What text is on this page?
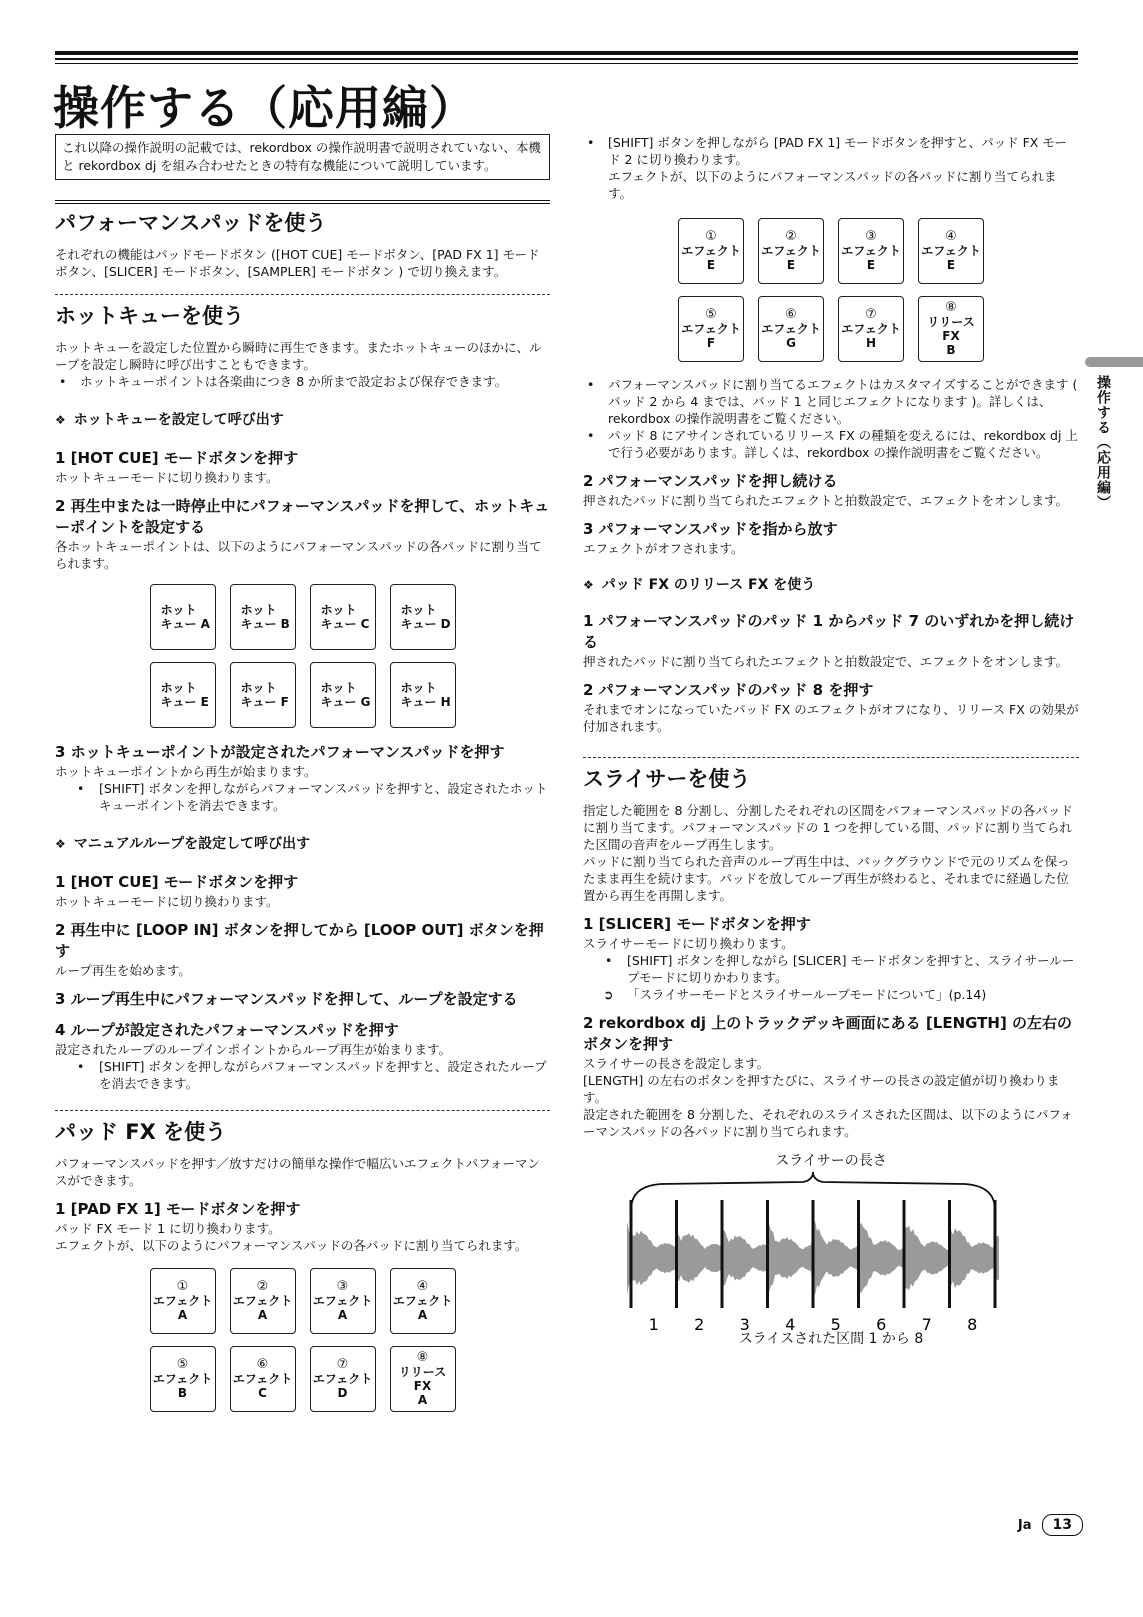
操作する（応用編）
これ以降の操作説明の記載では、rekordbox の操作説明書で説明されていない、本機と rekordbox dj を組み合わせたときの特有な機能について説明しています。
パフォーマンスパッドを使う

それぞれの機能はパッドモードボタン ([HOT CUE] モードボタン、[PAD FX 1] モードボタン、[SLICER] モードボタン、[SAMPLER] モードボタン ) で切り換えます。

ホットキューを使う

ホットキューを設定した位置から瞬時に再生できます。またホットキューのほかに、ループを設定し瞬時に呼び出すこともできます。

• ホットキューポイントは各楽曲につき 8 か所まで設定および保存できます。
❖ ホットキューを設定して呼び出す
1 [HOT CUE] モードボタンを押す

ホットキューモードに切り換わります。

2 再生中または一時停止中にパフォーマンスパッドを押して、ホットキューポイントを設定する

各ホットキューポイントは、以下のようにパフォーマンスパッドの各パッドに割り当てられます。

ホット
キュー A
ホット
キュー B
ホット
キュー C
ホット
キュー D
ホット
キュー E
ホット
キュー F
ホット
キュー G
ホット
キュー H
3 ホットキューポイントが設定されたパフォーマンスパッドを押す

ホットキューポイントから再生が始まります。

• [SHIFT] ボタンを押しながらパフォーマンスパッドを押すと、設定されたホットキューポイントを消去できます。
❖ マニュアルループを設定して呼び出す
1 [HOT CUE] モードボタンを押す

ホットキューモードに切り換わります。

2 再生中に [LOOP IN] ボタンを押してから [LOOP OUT] ボタンを押す

ループ再生を始めます。

3 ループ再生中にパフォーマンスパッドを押して、ループを設定する
4 ループが設定されたパフォーマンスパッドを押す

設定されたループのループインポイントからループ再生が始まります。

• [SHIFT] ボタンを押しながらパフォーマンスパッドを押すと、設定されたループを消去できます。
パッド FX を使う

パフォーマンスパッドを押す／放すだけの簡単な操作で幅広いエフェクトパフォーマンスができます。

1 [PAD FX 1] モードボタンを押す

パッド FX モード 1 に切り換わります。

エフェクトが、以下のようにパフォーマンスパッドの各パッドに割り当てられます。

①
エフェクト A
②
エフェクト A
③
エフェクト A
④
エフェクト A
⑤
エフェクト B
⑥
エフェクト C
⑦
エフェクト D
⑧
リリース FX
A
• [SHIFT] ボタンを押しながら [PAD FX 1] モードボタンを押すと、パッド FX モード 2 に切り換わります。

エフェクトが、以下のようにパフォーマンスパッドの各パッドに割り当てられます。

①
エフェクト E
②
エフェクト E
③
エフェクト E
④
エフェクト E
⑤
エフェクト F
⑥
エフェクト G
⑦
エフェクト H
⑧
リリース FX
B
• パフォーマンスパッドに割り当てるエフェクトはカスタマイズすることができます ( パッド 2 から 4 までは、パッド 1 と同じエフェクトになります )。詳しくは、rekordbox の操作説明書をご覧ください。
• パッド 8 にアサインされているリリース FX の種類を変えるには、rekordbox dj 上で行う必要があります。詳しくは、rekordbox の操作説明書をご覧ください。
2 パフォーマンスパッドを押し続ける

押されたパッドに割り当てられたエフェクトと拍数設定で、エフェクトをオンします。

3 パフォーマンスパッドを指から放す

エフェクトがオフされます。

❖ パッド FX のリリース FX を使う
1 パフォーマンスパッドのパッド 1 からパッド 7 のいずれかを押し続ける

押されたパッドに割り当てられたエフェクトと拍数設定で、エフェクトをオンします。

2 パフォーマンスパッドのパッド 8 を押す

それまでオンになっていたパッド FX のエフェクトがオフになり、リリース FX の効果が付加されます。

スライサーを使う

指定した範囲を 8 分割し、分割したそれぞれの区間をパフォーマンスパッドの各パッドに割り当てます。パフォーマンスパッドの 1 つを押している間、パッドに割り当てられた区間の音声をループ再生します。

パッドに割り当てられた音声のループ再生中は、バックグラウンドで元のリズムを保ったまま再生を続けます。パッドを放してループ再生が終わると、それまでに経過した位置から再生を再開します。

1 [SLICER] モードボタンを押す

スライサーモードに切り換わります。

• [SHIFT] ボタンを押しながら [SLICER] モードボタンを押すと、スライサーループモードに切りかわります。
➲ 「スライサーモードとスライサーループモードについて」(p.14)
2 rekordbox dj 上のトラックデッキ画面にある [LENGTH] の左右のボタンを押す

スライサーの長さを設定します。

[LENGTH] の左右のボタンを押すたびに、スライサーの長さの設定値が切り換わります。

設定された範囲を 8 分割した、それぞれのスライスされた区間は、以下のようにパフォーマンスパッドの各パッドに割り当てられます。

スライサーの長さ
1 2 3 4 5 6 7 8
スライスされた区間 1 から 8
操作する（応用編）
Ja	13
